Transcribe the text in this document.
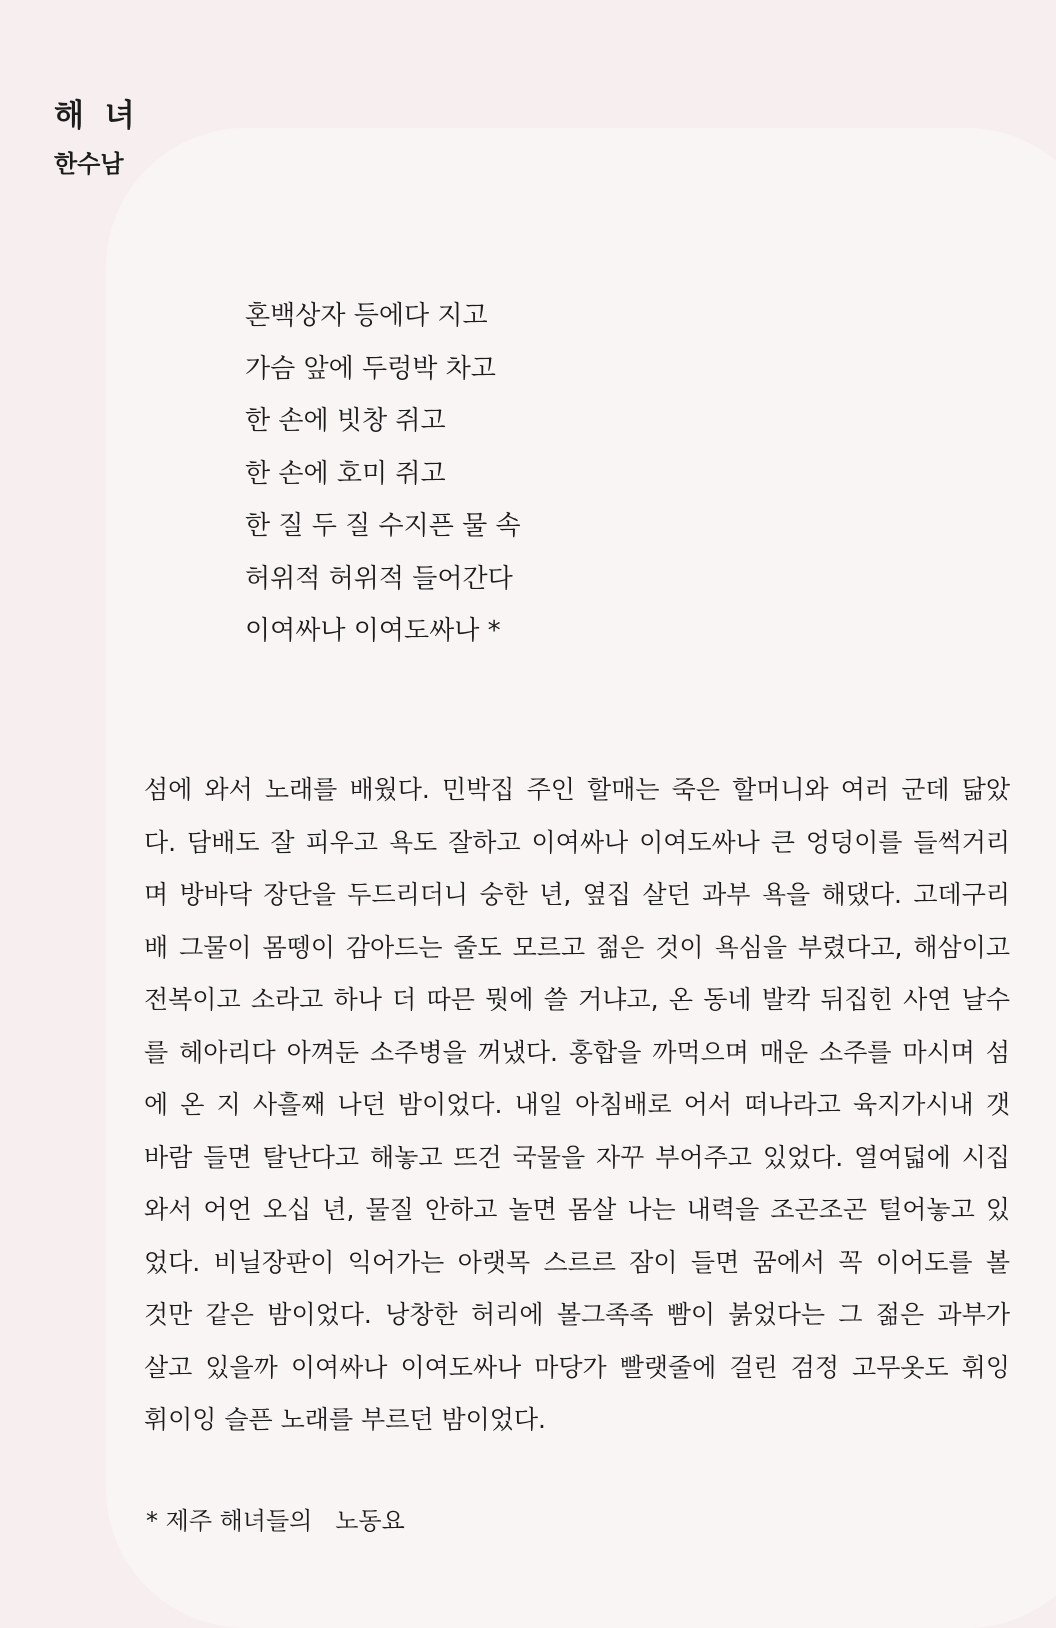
해 녀

한수남

혼백상자 등에다 지고
가슴 앞에 두렁박 차고
한 손에 빗창 쥐고
한 손에 호미 쥐고
한 질 두 질 수지픈 물 속
허위적 허위적 들어간다
이여싸나 이여도싸나 *
섬에 와서 노래를 배웠다. 민박집 주인 할매는 죽은 할머니와 여러 군데 닮았
다. 담배도 잘 피우고 욕도 잘하고 이여싸나 이여도싸나 큰 엉덩이를 들썩거리
며 방바닥 장단을 두드리더니 숭한 년, 옆집 살던 과부 욕을 해댔다. 고데구리
배 그물이 몸뗑이 감아드는 줄도 모르고 젊은 것이 욕심을 부렸다고, 해삼이고
전복이고 소라고 하나 더 따믄 뭣에 쓸 거냐고, 온 동네 발칵 뒤집힌 사연 날수
를 헤아리다 아껴둔 소주병을 꺼냈다. 홍합을 까먹으며 매운 소주를 마시며 섬
에 온 지 사흘째 나던 밤이었다. 내일 아침배로 어서 떠나라고 육지가시내 갯
바람 들면 탈난다고 해놓고 뜨건 국물을 자꾸 부어주고 있었다. 열여덟에 시집
와서 어언 오십 년, 물질 안하고 놀면 몸살 나는 내력을 조곤조곤 털어놓고 있
었다. 비닐장판이 익어가는 아랫목 스르르 잠이 들면 꿈에서 꼭 이어도를 볼
것만 같은 밤이었다. 낭창한 허리에 볼그족족 빰이 붉었다는 그 젊은 과부가
살고 있을까 이여싸나 이여도싸나 마당가 빨랫줄에 걸린 검정 고무옷도 휘잉
휘이잉 슬픈 노래를 부르던 밤이었다.

* 제주 해녀들의   노동요
